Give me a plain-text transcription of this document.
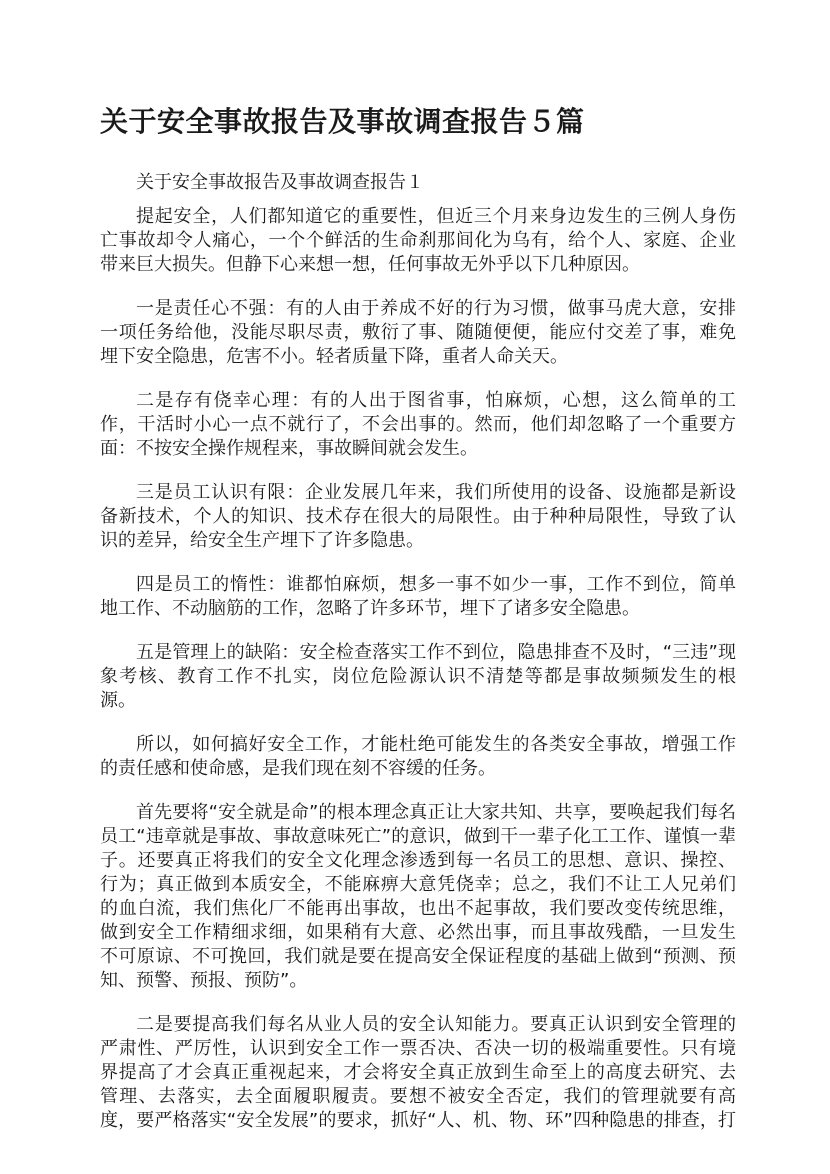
关于安全事故报告及事故调查报告５篇
关于安全事故报告及事故调查报告１
提起安全，人们都知道它的重要性，但近三个月来身边发生的三例人身伤
亡事故却令人痛心，一个个鲜活的生命刹那间化为乌有，给个人、家庭、企业
带来巨大损失。但静下心来想一想，任何事故无外乎以下几种原因。
一是责任心不强：有的人由于养成不好的行为习惯，做事马虎大意，安排
一项任务给他，没能尽职尽责，敷衍了事、随随便便，能应付交差了事，难免
埋下安全隐患，危害不小。轻者质量下降，重者人命关天。
二是存有侥幸心理：有的人出于图省事，怕麻烦，心想，这么简单的工
作，干活时小心一点不就行了，不会出事的。然而，他们却忽略了一个重要方
面：不按安全操作规程来，事故瞬间就会发生。
三是员工认识有限：企业发展几年来，我们所使用的设备、设施都是新设
备新技术，个人的知识、技术存在很大的局限性。由于种种局限性，导致了认
识的差异，给安全生产埋下了许多隐患。
四是员工的惰性：谁都怕麻烦，想多一事不如少一事，工作不到位，简单
地工作、不动脑筋的工作，忽略了许多环节，埋下了诸多安全隐患。
五是管理上的缺陷：安全检查落实工作不到位，隐患排查不及时，“三违”现
象考核、教育工作不扎实，岗位危险源认识不清楚等都是事故频频发生的根
源。
所以，如何搞好安全工作，才能杜绝可能发生的各类安全事故，增强工作
的责任感和使命感，是我们现在刻不容缓的任务。
首先要将“安全就是命”的根本理念真正让大家共知、共享，要唤起我们每名
员工“违章就是事故、事故意味死亡”的意识，做到干一辈子化工工作、谨慎一辈
子。还要真正将我们的安全文化理念渗透到每一名员工的思想、意识、操控、
行为；真正做到本质安全，不能麻痹大意凭侥幸；总之，我们不让工人兄弟们
的血白流，我们焦化厂不能再出事故，也出不起事故，我们要改变传统思维，
做到安全工作精细求细，如果稍有大意、必然出事，而且事故残酷，一旦发生
不可原谅、不可挽回，我们就是要在提高安全保证程度的基础上做到“预测、预
知、预警、预报、预防”。
二是要提高我们每名从业人员的安全认知能力。要真正认识到安全管理的
严肃性、严厉性，认识到安全工作一票否决、否决一切的极端重要性。只有境
界提高了才会真正重视起来，才会将安全真正放到生命至上的高度去研究、去
管理、去落实，去全面履职履责。要想不被安全否定，我们的管理就要有高
度，要严格落实“安全发展”的要求，抓好“人、机、物、环”四种隐患的排查，打
